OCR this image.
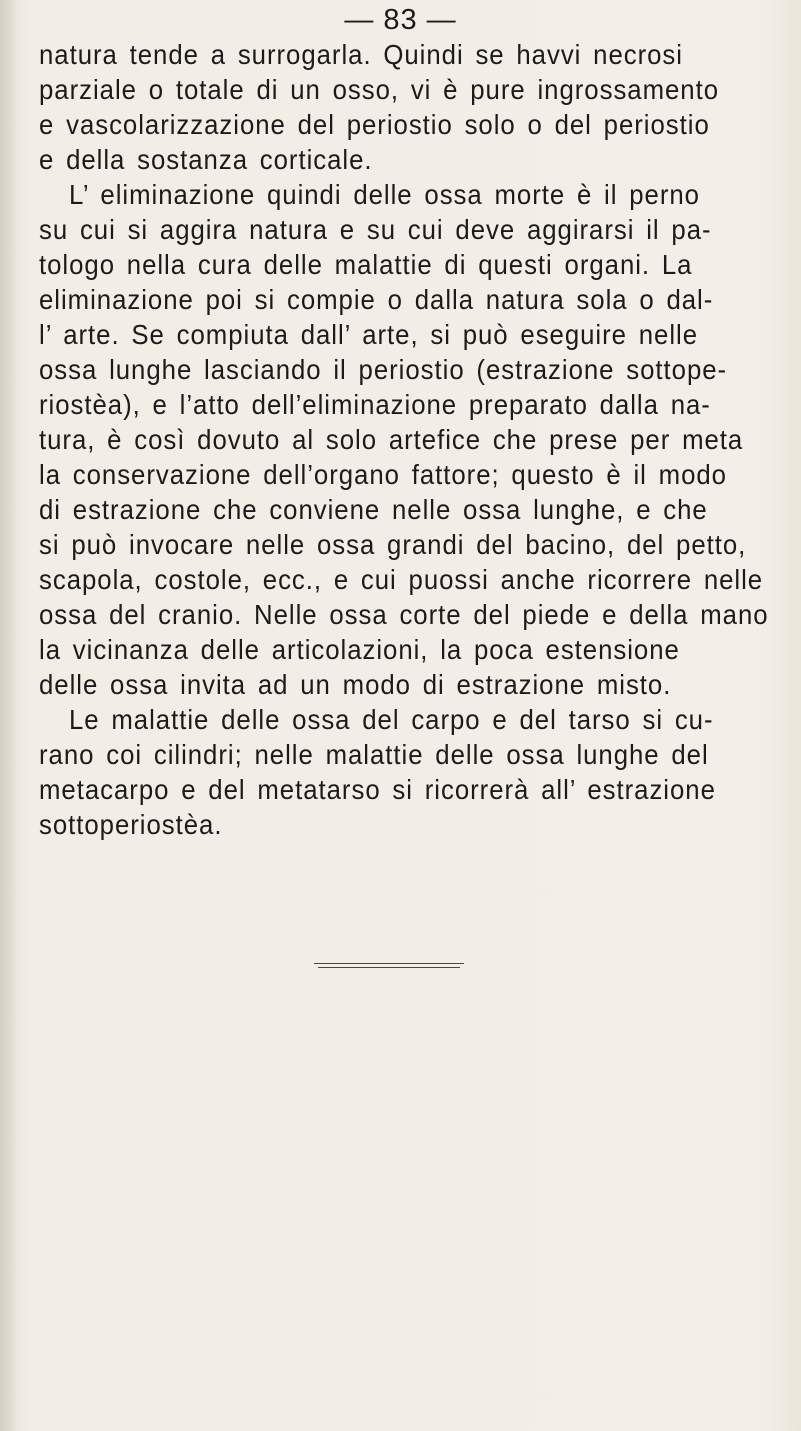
— 83 —
natura tende a surrogarla. Quindi se havvi necrosi
parziale o totale di un osso, vi è pure ingrossamento
e vascolarizzazione del periostio solo o del periostio
e della sostanza corticale.
L’ eliminazione quindi delle ossa morte è il perno
su cui si aggira natura e su cui deve aggirarsi il pa-
tologo nella cura delle malattie di questi organi. La
eliminazione poi si compie o dalla natura sola o dal-
l’ arte. Se compiuta dall’ arte, si può eseguire nelle
ossa lunghe lasciando il periostio (estrazione sottope-
riostèa), e l’atto dell’eliminazione preparato dalla na-
tura, è così dovuto al solo artefice che prese per meta
la conservazione dell’organo fattore; questo è il modo
di estrazione che conviene nelle ossa lunghe, e che
si può invocare nelle ossa grandi del bacino, del petto,
scapola, costole, ecc., e cui puossi anche ricorrere nelle
ossa del cranio. Nelle ossa corte del piede e della mano
la vicinanza delle articolazioni, la poca estensione
delle ossa invita ad un modo di estrazione misto.
Le malattie delle ossa del carpo e del tarso si cu-
rano coi cilindri; nelle malattie delle ossa lunghe del
metacarpo e del metatarso si ricorrerà all’ estrazione
sottoperiostèa.
